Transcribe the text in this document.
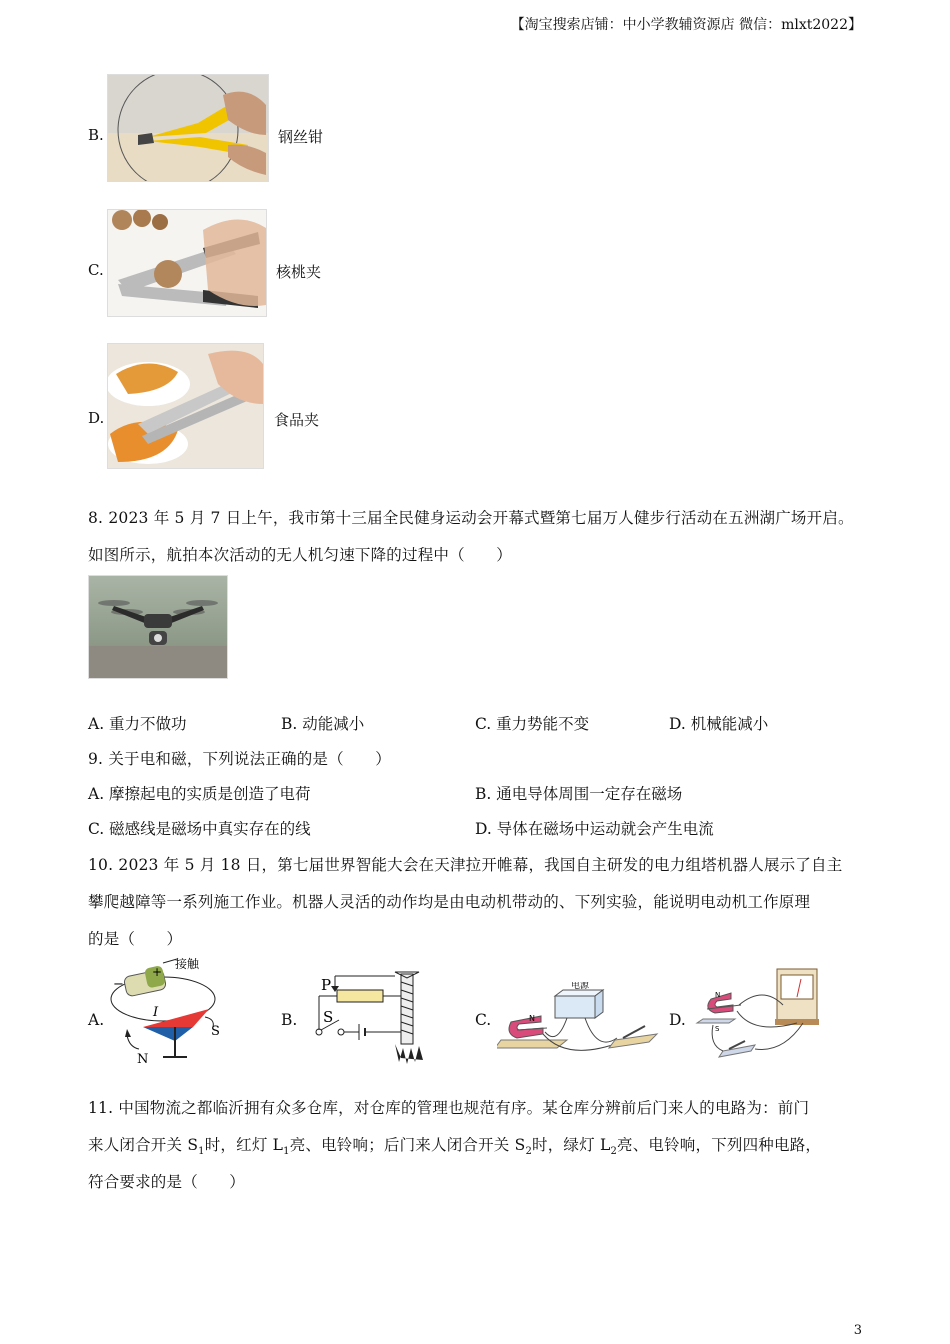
【淘宝搜索店铺：中小学教辅资源店 微信：mlxt2022】
B.	钢丝钳
C.	核桃夹
D.	食品夹
8. 2023 年 5 月 7 日上午，我市第十三届全民健身运动会开幕式暨第七届万人健步行活动在五洲湖广场开启。
如图所示，航拍本次活动的无人机匀速下降的过程中（　　）
A. 重力不做功	B. 动能减小	C. 重力势能不变	D. 机械能减小
9. 关于电和磁，下列说法正确的是（　　）
A. 摩擦起电的实质是创造了电荷	B. 通电导体周围一定存在磁场
C. 磁感线是磁场中真实存在的线	D. 导体在磁场中运动就会产生电流
10. 2023 年 5 月 18 日，第七届世界智能大会在天津拉开帷幕，我国自主研发的电力组塔机器人展示了自主
攀爬越障等一系列施工作业。机器人灵活的动作均是由电动机带动的、下列实验，能说明电动机工作原理
的是（　　）
A.	B.	C.	D.
−
+
接触
I
N
S
P
S
电源
N
N
S
11. 中国物流之都临沂拥有众多仓库，对仓库的管理也规范有序。某仓库分辨前后门来人的电路为：前门
来人闭合开关 $S_1$时，红灯 $L_1$亮、电铃响；后门来人闭合开关 $S_2$时，绿灯 $L_2$亮、电铃响，下列四种电路，
符合要求的是（　　）
3
